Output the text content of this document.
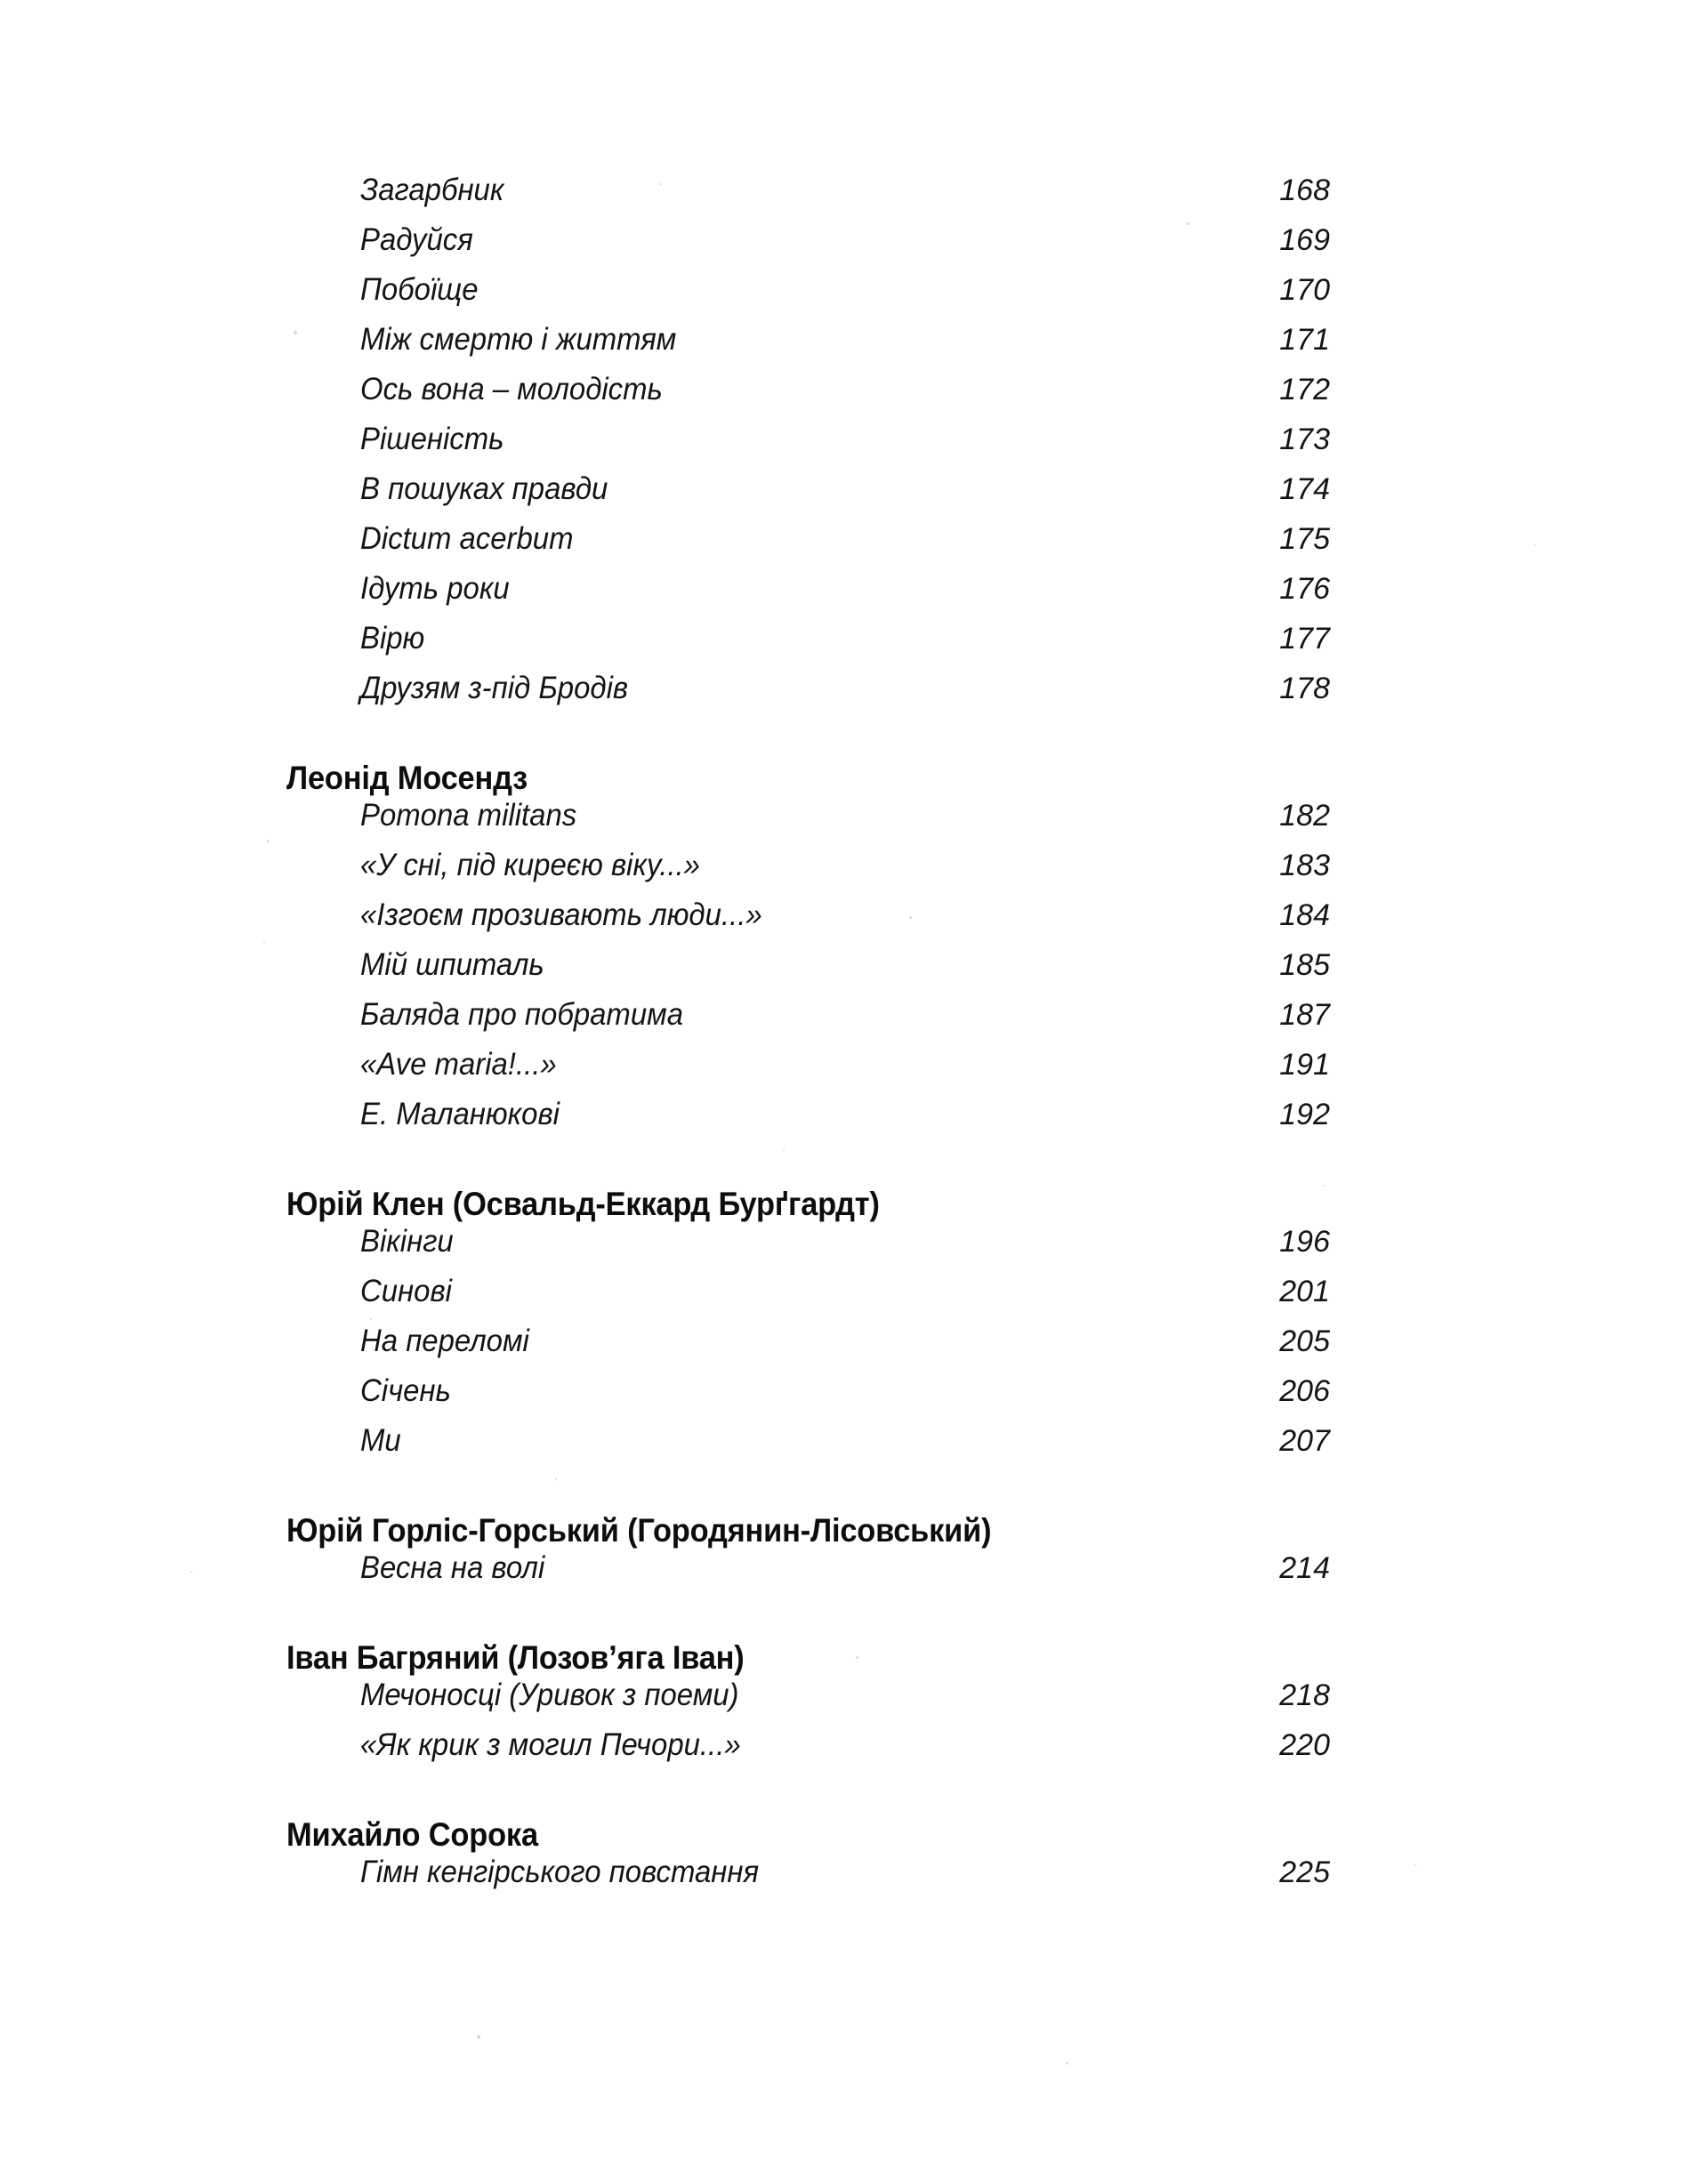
Загарбник	168
Радуйся	169
Побоїще	170
Між смертю і життям	171
Ось вона – молодість	172
Рішеність	173
В пошуках правди	174
Dictum acerbum	175
Ідуть роки	176
Вірю	177
Друзям з-під Бродів	178
Леонід Мосендз
Pomona militans	182
«У сні, під киреєю віку...»	183
«Ізгоєм прозивають люди...»	184
Мій шпиталь	185
Баляда про побратима	187
«Ave maria!...»	191
Е. Маланюкові	192
Юрій Клен (Освальд-Еккард Бурґгардт)
Вікінги	196
Синові	201
На переломі	205
Січень	206
Ми	207
Юрій Горліс-Горський (Городянин-Лісовський)
Весна на волі	214
Іван Багряний (Лозов’яга Іван)
Мечоносці (Уривок з поеми)	218
«Як крик з могил Печори...»	220
Михайло Сорока
Гімн кенгірського повстання	225
